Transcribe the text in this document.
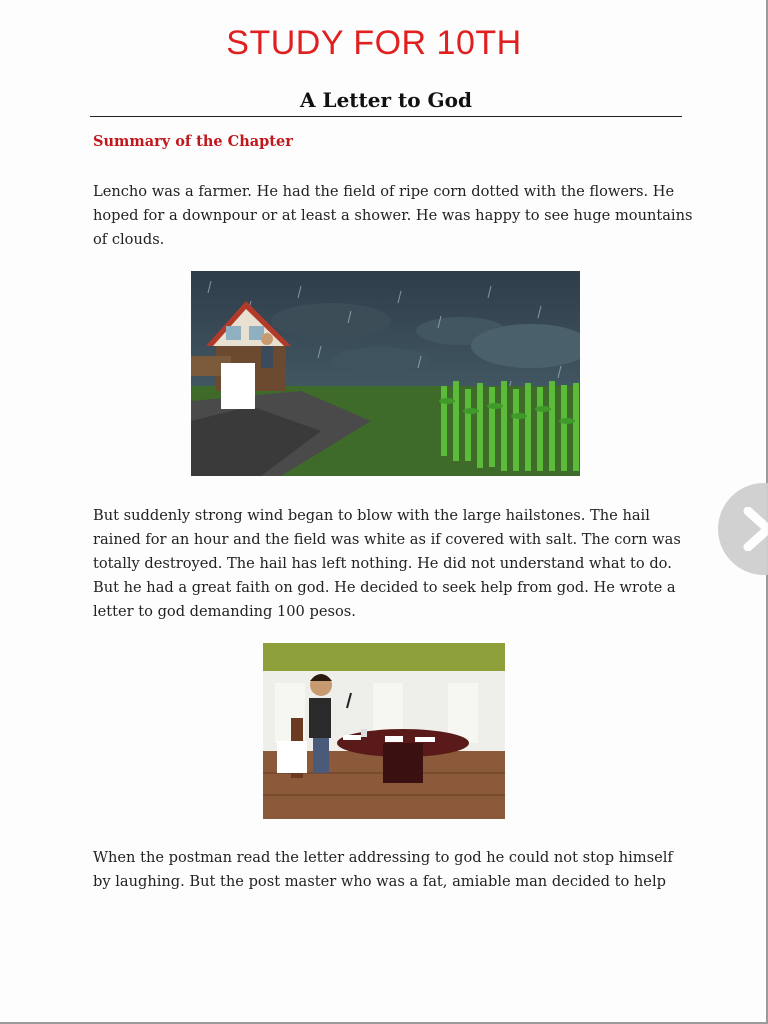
STUDY FOR 10TH
A Letter to God
Summary of the Chapter
Lencho was a farmer. He had the field of ripe corn dotted with the flowers. He hoped for a downpour or at least a shower. He was happy to see huge mountains of clouds.
But suddenly strong wind began to blow with the large hailstones. The hail rained for an hour and the field was white as if covered with salt. The corn was totally destroyed. The hail has left nothing. He did not understand what to do. But he had a great faith on god. He decided to seek help from god. He wrote a letter to god demanding 100 pesos.
When the postman read the letter addressing to god he could not stop himself by laughing. But the post master who was a fat, amiable man decided to help
